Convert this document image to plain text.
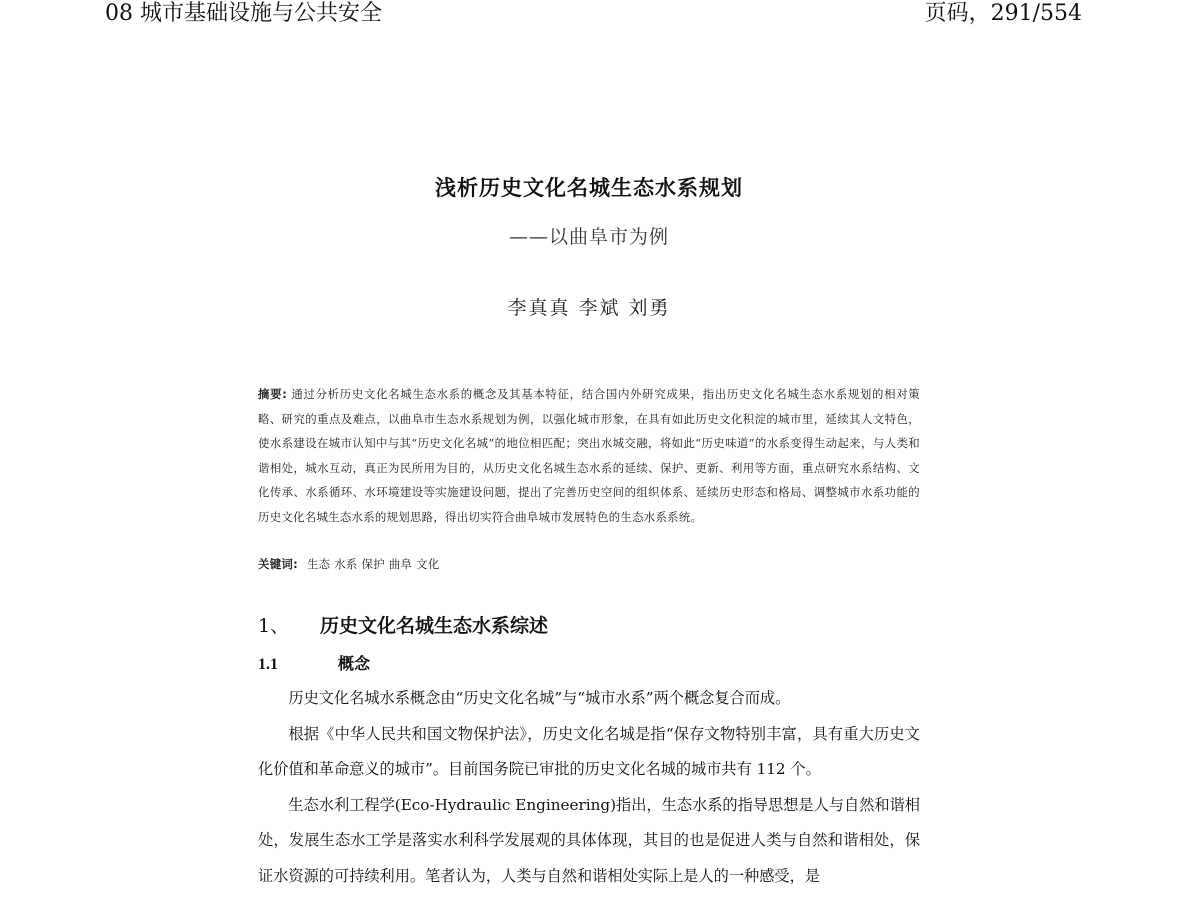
08 城市基础设施与公共安全	页码，291/554
浅析历史文化名城生态水系规划
——以曲阜市为例
李真真 李斌 刘勇
摘要: 通过分析历史文化名城生态水系的概念及其基本特征，结合国内外研究成果，指出历史文化名城生态水系规划的相对策略、研究的重点及难点，以曲阜市生态水系规划为例，以强化城市形象，在具有如此历史文化积淀的城市里，延续其人文特色，使水系建设在城市认知中与其“历史文化名城”的地位相匹配；突出水城交融，将如此“历史味道”的水系变得生动起来，与人类和谐相处，城水互动，真正为民所用为目的，从历史文化名城生态水系的延续、保护、更新、利用等方面，重点研究水系结构、文化传承、水系循环、水环境建设等实施建设问题，提出了完善历史空间的组织体系、延续历史形态和格局、调整城市水系功能的历史文化名城生态水系的规划思路，得出切实符合曲阜城市发展特色的生态水系系统。
关键词: 生态 水系 保护 曲阜 文化
1、 历史文化名城生态水系综述
1.1	概念

历史文化名城水系概念由“历史文化名城”与“城市水系”两个概念复合而成。

根据《中华人民共和国文物保护法》，历史文化名城是指“保存文物特别丰富，具有重大历史文化价值和革命意义的城市”。目前国务院已审批的历史文化名城的城市共有 112 个。

生态水利工程学(Eco-Hydraulic Engineering)指出，生态水系的指导思想是人与自然和谐相处，发展生态水工学是落实水利科学发展观的具体体现，其目的也是促进人类与自然和谐相处，保证水资源的可持续利用。笔者认为，人类与自然和谐相处实际上是人的一种感受，是
